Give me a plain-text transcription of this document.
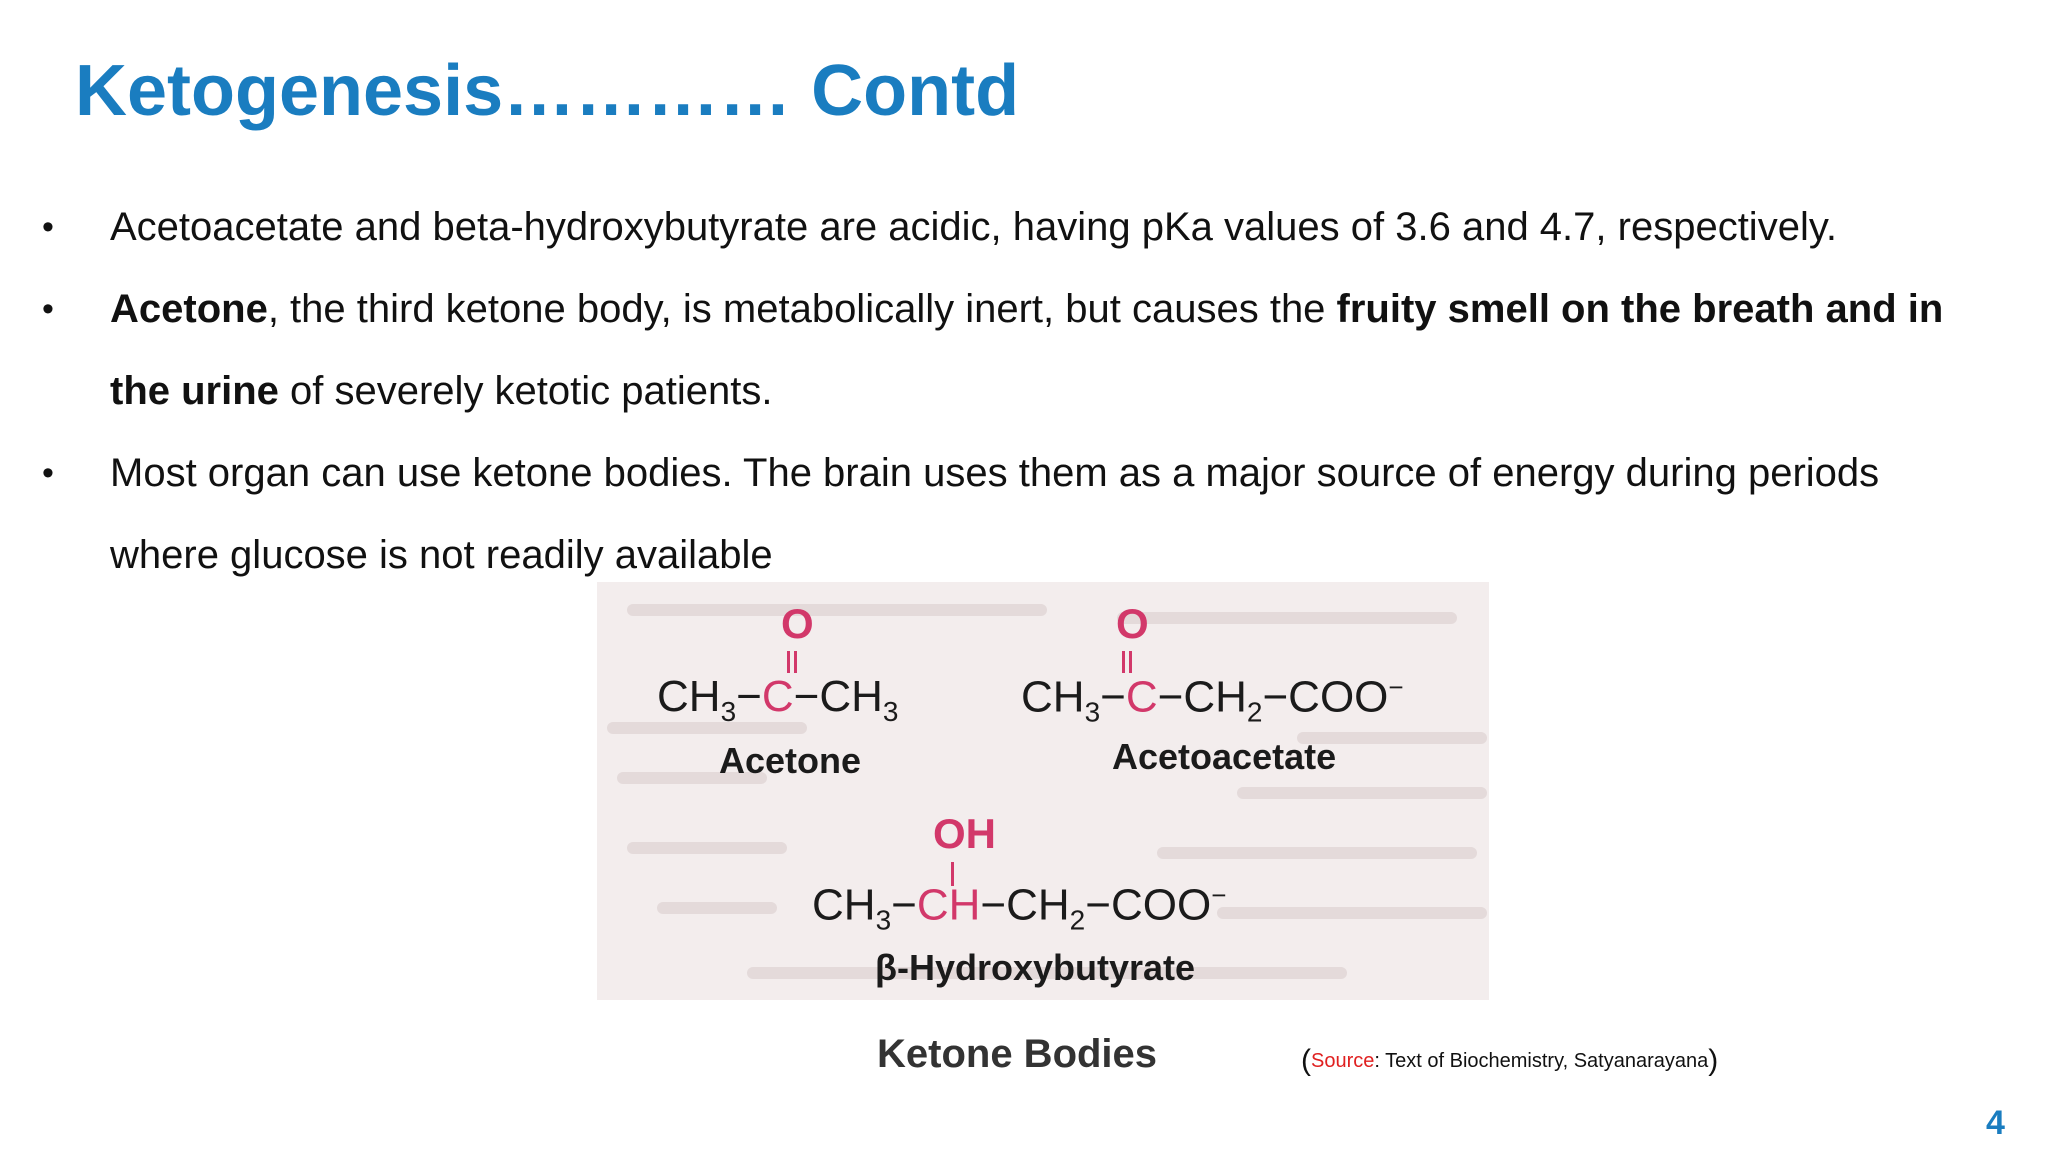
Ketogenesis………… Contd
• Acetoacetate and beta-hydroxybutyrate are acidic, having pKa values of 3.6 and 4.7, respectively.
• Acetone, the third ketone body, is metabolically inert, but causes the fruity smell on the breath and in
the urine of severely ketotic patients.
• Most organ can use ketone bodies. The brain uses them as a major source of energy during periods
where glucose is not readily available
O
$CH_3-C-CH_3$
Acetone
O
$CH_3-C-CH_2-COO^-$
Acetoacetate
OH
$CH_3-CH-CH_2-COO^-$
β-Hydroxybutyrate
Ketone Bodies	(Source: Text of Biochemistry, Satyanarayana)
4
